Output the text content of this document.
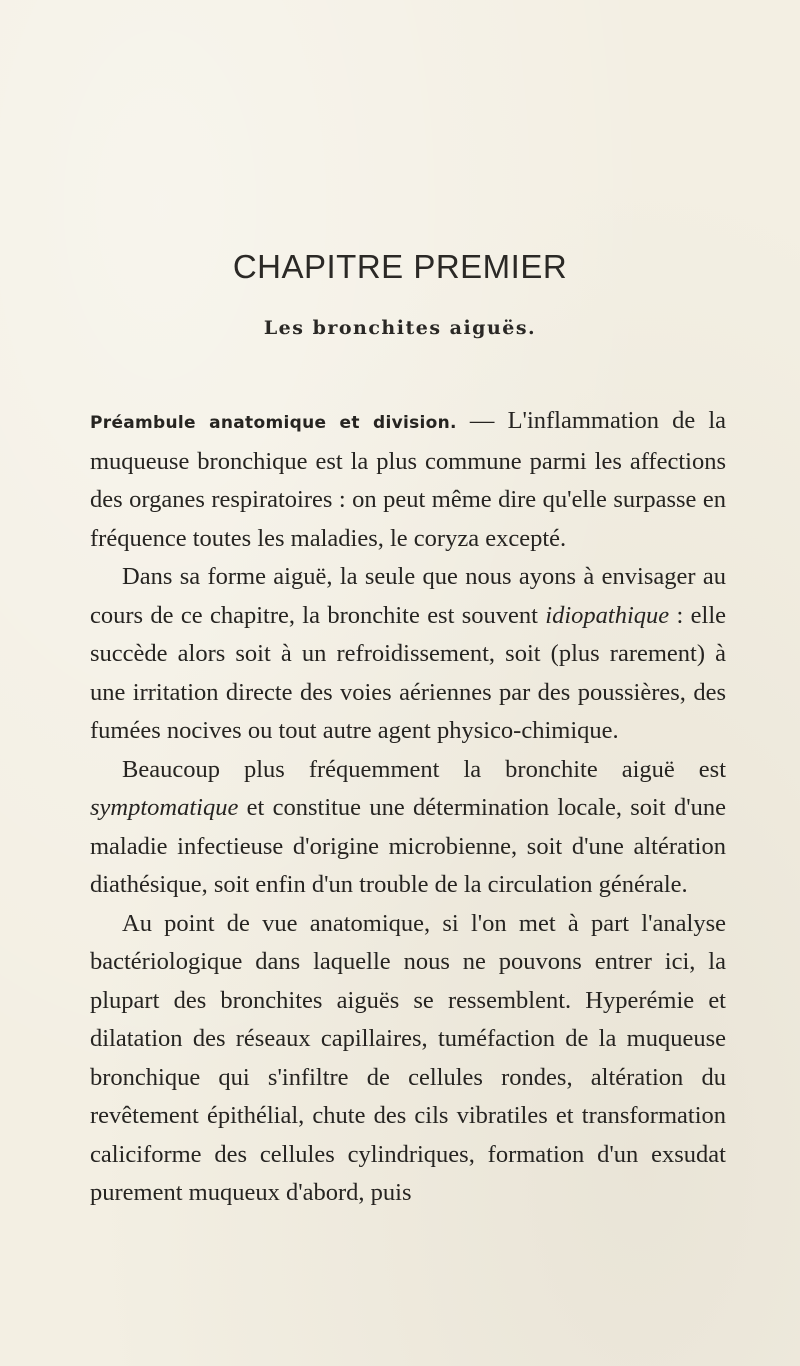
CHAPITRE PREMIER
Les bronchites aiguës.

Préambule anatomique et division. — L'inflammation de la muqueuse bronchique est la plus commune parmi les affections des organes respiratoires : on peut même dire qu'elle surpasse en fréquence toutes les maladies, le coryza excepté.

Dans sa forme aiguë, la seule que nous ayons à envisager au cours de ce chapitre, la bronchite est souvent idiopathique : elle succède alors soit à un refroidissement, soit (plus rarement) à une irritation directe des voies aériennes par des poussières, des fumées nocives ou tout autre agent physico-chimique.

Beaucoup plus fréquemment la bronchite aiguë est symptomatique et constitue une détermination locale, soit d'une maladie infectieuse d'origine microbienne, soit d'une altération diathésique, soit enfin d'un trouble de la circulation générale.

Au point de vue anatomique, si l'on met à part l'analyse bactériologique dans laquelle nous ne pouvons entrer ici, la plupart des bronchites aiguës se ressemblent. Hyperémie et dilatation des réseaux capillaires, tuméfaction de la muqueuse bronchique qui s'infiltre de cellules rondes, altération du revêtement épithélial, chute des cils vibratiles et transformation caliciforme des cellules cylindriques, formation d'un exsudat purement muqueux d'abord, puis
